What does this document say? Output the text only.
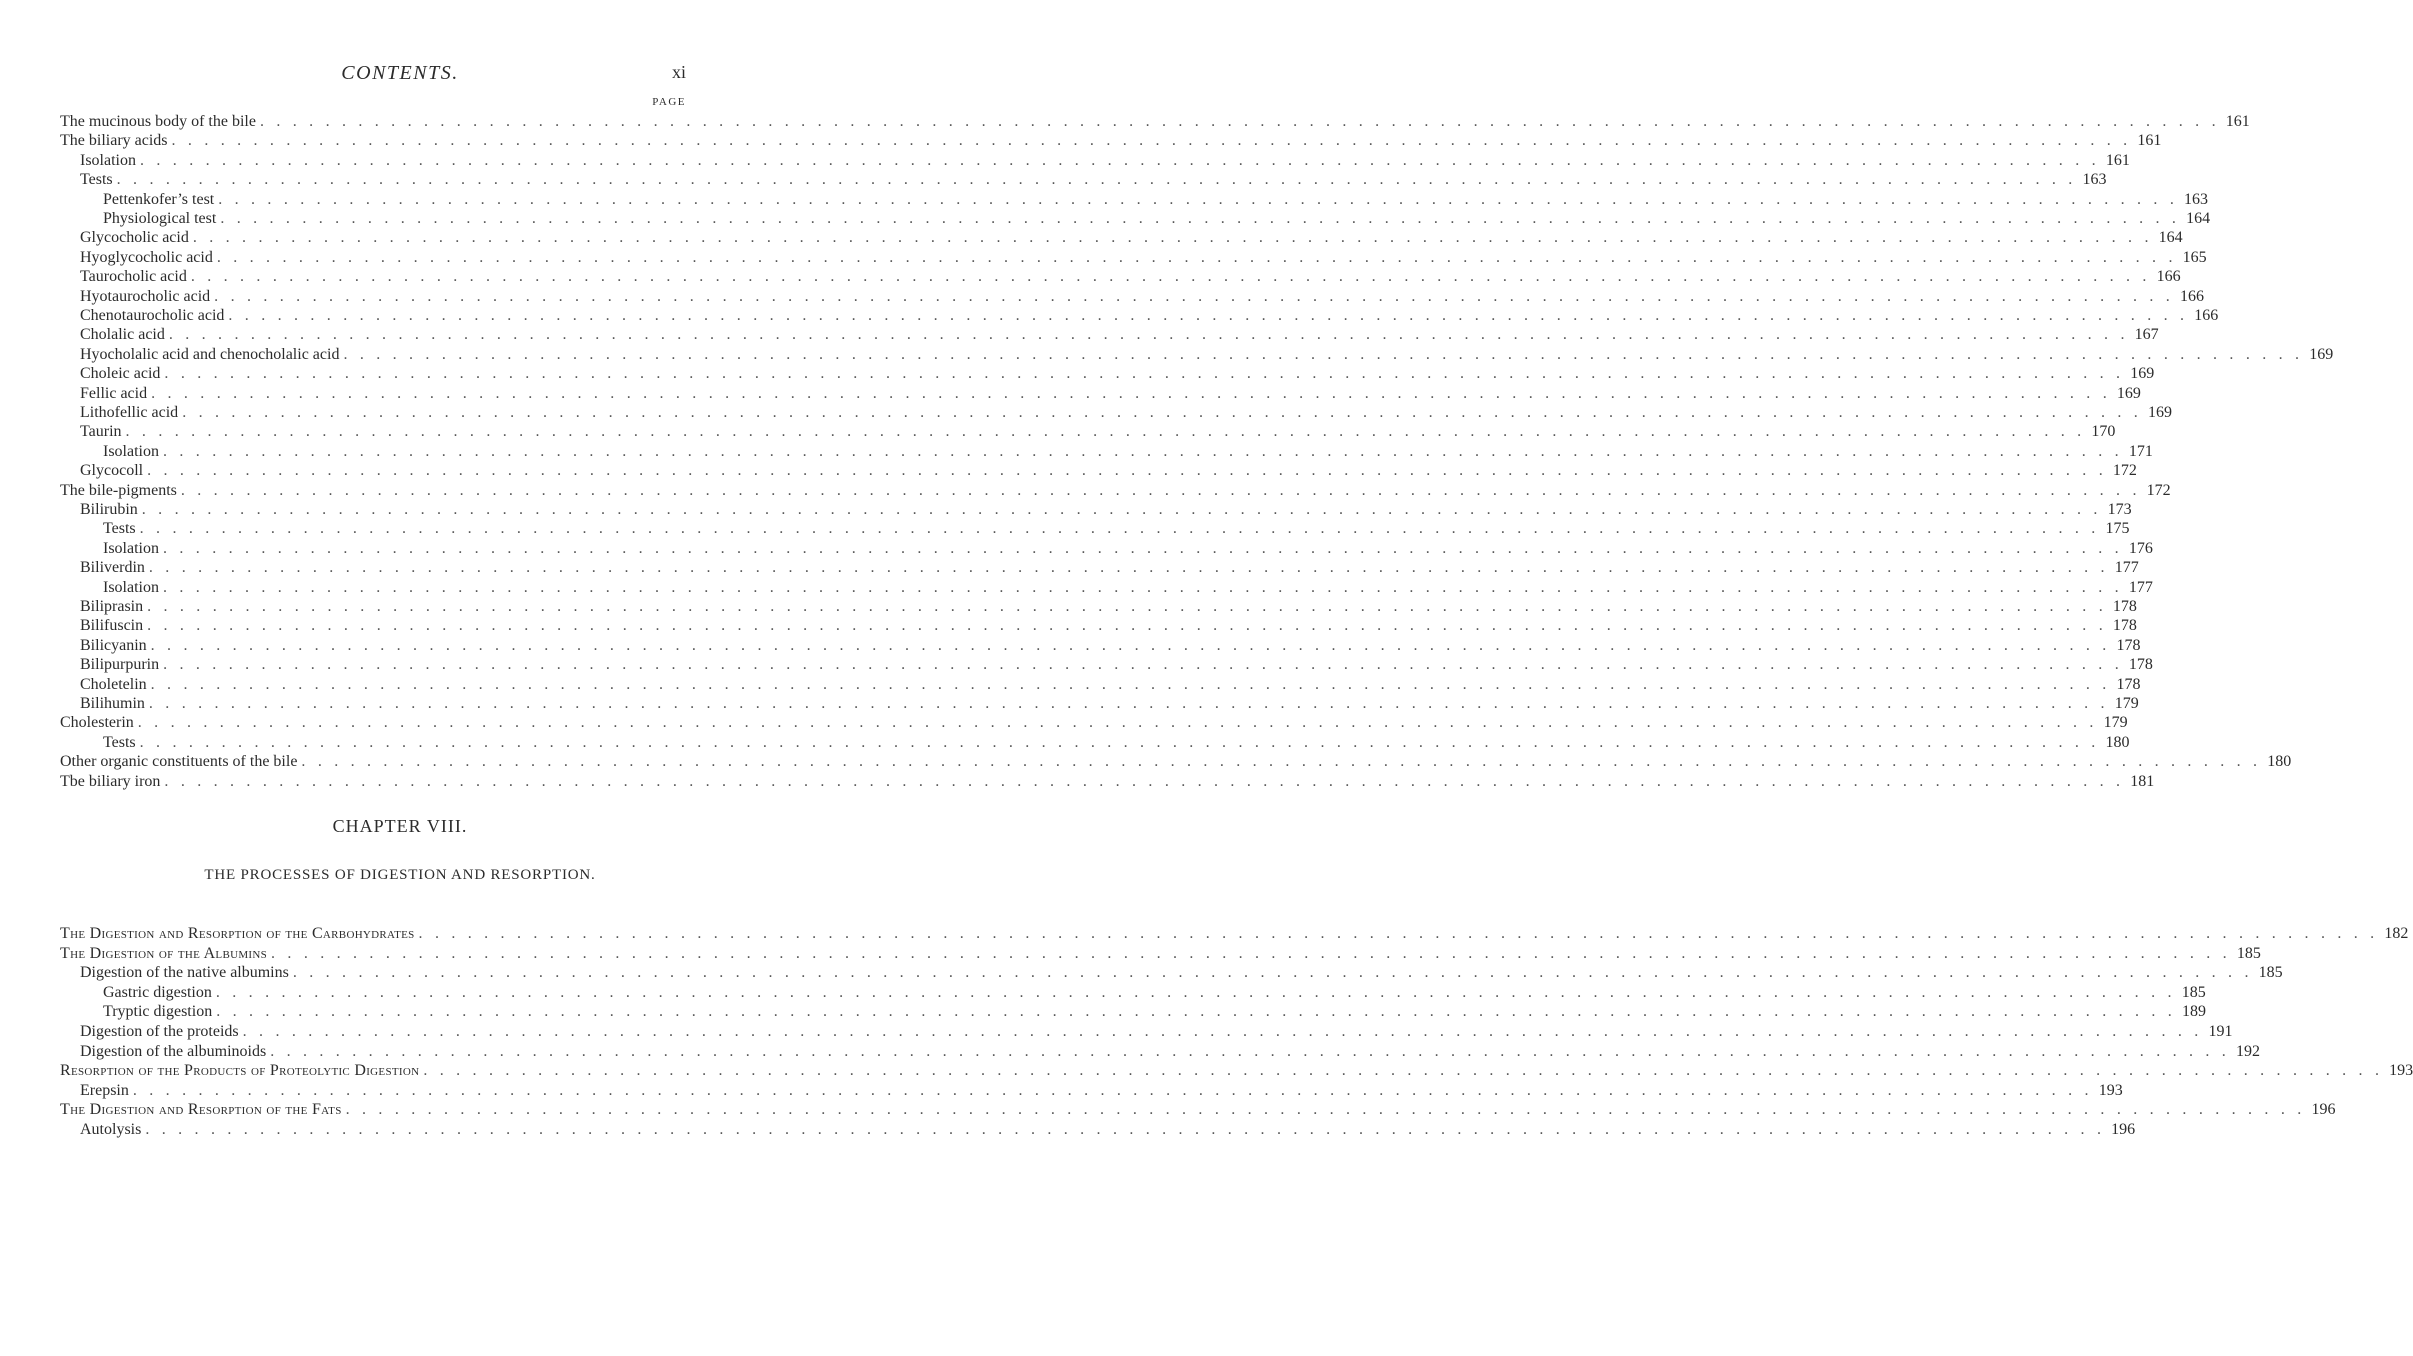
CONTENTS.	xi
PAGE
The mucinous body of the bile . . . . . . . . . . . . . . . . . . . . . . . . . . . . . . . . . . . . . . . . . . . . . . . . . . . . . . . . . . . . . . . . . . . . . . . . . . . . . . . . . . . . . . . . . . . . . . . . . . . . . . . . . . . . . . . . . . . . . . . . 161
The biliary acids . . . . . . . . . . . . . . . . . . . . . . . . . . . . . . . . . . . . . . . . . . . . . . . . . . . . . . . . . . . . . . . . . . . . . . . . . . . . . . . . . . . . . . . . . . . . . . . . . . . . . . . . . . . . . . . . . . . . . . . . 161
Isolation . . . . . . . . . . . . . . . . . . . . . . . . . . . . . . . . . . . . . . . . . . . . . . . . . . . . . . . . . . . . . . . . . . . . . . . . . . . . . . . . . . . . . . . . . . . . . . . . . . . . . . . . . . . . . . . . . . . . . . . . 161
Tests . . . . . . . . . . . . . . . . . . . . . . . . . . . . . . . . . . . . . . . . . . . . . . . . . . . . . . . . . . . . . . . . . . . . . . . . . . . . . . . . . . . . . . . . . . . . . . . . . . . . . . . . . . . . . . . . . . . . . . . . 163
Pettenkofer’s test . . . . . . . . . . . . . . . . . . . . . . . . . . . . . . . . . . . . . . . . . . . . . . . . . . . . . . . . . . . . . . . . . . . . . . . . . . . . . . . . . . . . . . . . . . . . . . . . . . . . . . . . . . . . . . . . . . . . . . . . 163
Physiological test . . . . . . . . . . . . . . . . . . . . . . . . . . . . . . . . . . . . . . . . . . . . . . . . . . . . . . . . . . . . . . . . . . . . . . . . . . . . . . . . . . . . . . . . . . . . . . . . . . . . . . . . . . . . . . . . . . . . . . . . 164
Glycocholic acid . . . . . . . . . . . . . . . . . . . . . . . . . . . . . . . . . . . . . . . . . . . . . . . . . . . . . . . . . . . . . . . . . . . . . . . . . . . . . . . . . . . . . . . . . . . . . . . . . . . . . . . . . . . . . . . . . . . . . . . . 164
Hyoglycocholic acid . . . . . . . . . . . . . . . . . . . . . . . . . . . . . . . . . . . . . . . . . . . . . . . . . . . . . . . . . . . . . . . . . . . . . . . . . . . . . . . . . . . . . . . . . . . . . . . . . . . . . . . . . . . . . . . . . . . . . . . . 165
Taurocholic acid . . . . . . . . . . . . . . . . . . . . . . . . . . . . . . . . . . . . . . . . . . . . . . . . . . . . . . . . . . . . . . . . . . . . . . . . . . . . . . . . . . . . . . . . . . . . . . . . . . . . . . . . . . . . . . . . . . . . . . . . 166
Hyotaurocholic acid . . . . . . . . . . . . . . . . . . . . . . . . . . . . . . . . . . . . . . . . . . . . . . . . . . . . . . . . . . . . . . . . . . . . . . . . . . . . . . . . . . . . . . . . . . . . . . . . . . . . . . . . . . . . . . . . . . . . . . . . 166
Chenotaurocholic acid . . . . . . . . . . . . . . . . . . . . . . . . . . . . . . . . . . . . . . . . . . . . . . . . . . . . . . . . . . . . . . . . . . . . . . . . . . . . . . . . . . . . . . . . . . . . . . . . . . . . . . . . . . . . . . . . . . . . . . . . 166
Cholalic acid . . . . . . . . . . . . . . . . . . . . . . . . . . . . . . . . . . . . . . . . . . . . . . . . . . . . . . . . . . . . . . . . . . . . . . . . . . . . . . . . . . . . . . . . . . . . . . . . . . . . . . . . . . . . . . . . . . . . . . . . 167
Hyocholalic acid and chenocholalic acid . . . . . . . . . . . . . . . . . . . . . . . . . . . . . . . . . . . . . . . . . . . . . . . . . . . . . . . . . . . . . . . . . . . . . . . . . . . . . . . . . . . . . . . . . . . . . . . . . . . . . . . . . . . . . . . . . . . . . . . . 169
Choleic acid . . . . . . . . . . . . . . . . . . . . . . . . . . . . . . . . . . . . . . . . . . . . . . . . . . . . . . . . . . . . . . . . . . . . . . . . . . . . . . . . . . . . . . . . . . . . . . . . . . . . . . . . . . . . . . . . . . . . . . . . 169
Fellic acid . . . . . . . . . . . . . . . . . . . . . . . . . . . . . . . . . . . . . . . . . . . . . . . . . . . . . . . . . . . . . . . . . . . . . . . . . . . . . . . . . . . . . . . . . . . . . . . . . . . . . . . . . . . . . . . . . . . . . . . . 169
Lithofellic acid . . . . . . . . . . . . . . . . . . . . . . . . . . . . . . . . . . . . . . . . . . . . . . . . . . . . . . . . . . . . . . . . . . . . . . . . . . . . . . . . . . . . . . . . . . . . . . . . . . . . . . . . . . . . . . . . . . . . . . . . 169
Taurin . . . . . . . . . . . . . . . . . . . . . . . . . . . . . . . . . . . . . . . . . . . . . . . . . . . . . . . . . . . . . . . . . . . . . . . . . . . . . . . . . . . . . . . . . . . . . . . . . . . . . . . . . . . . . . . . . . . . . . . . 170
Isolation . . . . . . . . . . . . . . . . . . . . . . . . . . . . . . . . . . . . . . . . . . . . . . . . . . . . . . . . . . . . . . . . . . . . . . . . . . . . . . . . . . . . . . . . . . . . . . . . . . . . . . . . . . . . . . . . . . . . . . . . 171
Glycocoll . . . . . . . . . . . . . . . . . . . . . . . . . . . . . . . . . . . . . . . . . . . . . . . . . . . . . . . . . . . . . . . . . . . . . . . . . . . . . . . . . . . . . . . . . . . . . . . . . . . . . . . . . . . . . . . . . . . . . . . . 172
The bile-pigments . . . . . . . . . . . . . . . . . . . . . . . . . . . . . . . . . . . . . . . . . . . . . . . . . . . . . . . . . . . . . . . . . . . . . . . . . . . . . . . . . . . . . . . . . . . . . . . . . . . . . . . . . . . . . . . . . . . . . . . . 172
Bilirubin . . . . . . . . . . . . . . . . . . . . . . . . . . . . . . . . . . . . . . . . . . . . . . . . . . . . . . . . . . . . . . . . . . . . . . . . . . . . . . . . . . . . . . . . . . . . . . . . . . . . . . . . . . . . . . . . . . . . . . . . 173
Tests . . . . . . . . . . . . . . . . . . . . . . . . . . . . . . . . . . . . . . . . . . . . . . . . . . . . . . . . . . . . . . . . . . . . . . . . . . . . . . . . . . . . . . . . . . . . . . . . . . . . . . . . . . . . . . . . . . . . . . . . 175
Isolation . . . . . . . . . . . . . . . . . . . . . . . . . . . . . . . . . . . . . . . . . . . . . . . . . . . . . . . . . . . . . . . . . . . . . . . . . . . . . . . . . . . . . . . . . . . . . . . . . . . . . . . . . . . . . . . . . . . . . . . . 176
Biliverdin . . . . . . . . . . . . . . . . . . . . . . . . . . . . . . . . . . . . . . . . . . . . . . . . . . . . . . . . . . . . . . . . . . . . . . . . . . . . . . . . . . . . . . . . . . . . . . . . . . . . . . . . . . . . . . . . . . . . . . . . 177
Isolation . . . . . . . . . . . . . . . . . . . . . . . . . . . . . . . . . . . . . . . . . . . . . . . . . . . . . . . . . . . . . . . . . . . . . . . . . . . . . . . . . . . . . . . . . . . . . . . . . . . . . . . . . . . . . . . . . . . . . . . . 177
Biliprasin . . . . . . . . . . . . . . . . . . . . . . . . . . . . . . . . . . . . . . . . . . . . . . . . . . . . . . . . . . . . . . . . . . . . . . . . . . . . . . . . . . . . . . . . . . . . . . . . . . . . . . . . . . . . . . . . . . . . . . . . 178
Bilifuscin . . . . . . . . . . . . . . . . . . . . . . . . . . . . . . . . . . . . . . . . . . . . . . . . . . . . . . . . . . . . . . . . . . . . . . . . . . . . . . . . . . . . . . . . . . . . . . . . . . . . . . . . . . . . . . . . . . . . . . . . 178
Bilicyanin . . . . . . . . . . . . . . . . . . . . . . . . . . . . . . . . . . . . . . . . . . . . . . . . . . . . . . . . . . . . . . . . . . . . . . . . . . . . . . . . . . . . . . . . . . . . . . . . . . . . . . . . . . . . . . . . . . . . . . . . 178
Bilipurpurin . . . . . . . . . . . . . . . . . . . . . . . . . . . . . . . . . . . . . . . . . . . . . . . . . . . . . . . . . . . . . . . . . . . . . . . . . . . . . . . . . . . . . . . . . . . . . . . . . . . . . . . . . . . . . . . . . . . . . . . . 178
Choletelin . . . . . . . . . . . . . . . . . . . . . . . . . . . . . . . . . . . . . . . . . . . . . . . . . . . . . . . . . . . . . . . . . . . . . . . . . . . . . . . . . . . . . . . . . . . . . . . . . . . . . . . . . . . . . . . . . . . . . . . . 178
Bilihumin . . . . . . . . . . . . . . . . . . . . . . . . . . . . . . . . . . . . . . . . . . . . . . . . . . . . . . . . . . . . . . . . . . . . . . . . . . . . . . . . . . . . . . . . . . . . . . . . . . . . . . . . . . . . . . . . . . . . . . . . 179
Cholesterin . . . . . . . . . . . . . . . . . . . . . . . . . . . . . . . . . . . . . . . . . . . . . . . . . . . . . . . . . . . . . . . . . . . . . . . . . . . . . . . . . . . . . . . . . . . . . . . . . . . . . . . . . . . . . . . . . . . . . . . . 179
Tests . . . . . . . . . . . . . . . . . . . . . . . . . . . . . . . . . . . . . . . . . . . . . . . . . . . . . . . . . . . . . . . . . . . . . . . . . . . . . . . . . . . . . . . . . . . . . . . . . . . . . . . . . . . . . . . . . . . . . . . . 180
Other organic constituents of the bile . . . . . . . . . . . . . . . . . . . . . . . . . . . . . . . . . . . . . . . . . . . . . . . . . . . . . . . . . . . . . . . . . . . . . . . . . . . . . . . . . . . . . . . . . . . . . . . . . . . . . . . . . . . . . . . . . . . . . . . . 180
Tbe biliary iron . . . . . . . . . . . . . . . . . . . . . . . . . . . . . . . . . . . . . . . . . . . . . . . . . . . . . . . . . . . . . . . . . . . . . . . . . . . . . . . . . . . . . . . . . . . . . . . . . . . . . . . . . . . . . . . . . . . . . . . . 181
CHAPTER VIII.
THE PROCESSES OF DIGESTION AND RESORPTION.
The Digestion and Resorption of the Carbohydrates . . . . . . . . . . . . . . . . . . . . . . . . . . . . . . . . . . . . . . . . . . . . . . . . . . . . . . . . . . . . . . . . . . . . . . . . . . . . . . . . . . . . . . . . . . . . . . . . . . . . . . . . . . . . . . . . . . . . . . . . 182
The Digestion of the Albumins . . . . . . . . . . . . . . . . . . . . . . . . . . . . . . . . . . . . . . . . . . . . . . . . . . . . . . . . . . . . . . . . . . . . . . . . . . . . . . . . . . . . . . . . . . . . . . . . . . . . . . . . . . . . . . . . . . . . . . . . 185
Digestion of the native albumins . . . . . . . . . . . . . . . . . . . . . . . . . . . . . . . . . . . . . . . . . . . . . . . . . . . . . . . . . . . . . . . . . . . . . . . . . . . . . . . . . . . . . . . . . . . . . . . . . . . . . . . . . . . . . . . . . . . . . . . . 185
Gastric digestion . . . . . . . . . . . . . . . . . . . . . . . . . . . . . . . . . . . . . . . . . . . . . . . . . . . . . . . . . . . . . . . . . . . . . . . . . . . . . . . . . . . . . . . . . . . . . . . . . . . . . . . . . . . . . . . . . . . . . . . . 185
Tryptic digestion . . . . . . . . . . . . . . . . . . . . . . . . . . . . . . . . . . . . . . . . . . . . . . . . . . . . . . . . . . . . . . . . . . . . . . . . . . . . . . . . . . . . . . . . . . . . . . . . . . . . . . . . . . . . . . . . . . . . . . . . 189
Digestion of the proteids . . . . . . . . . . . . . . . . . . . . . . . . . . . . . . . . . . . . . . . . . . . . . . . . . . . . . . . . . . . . . . . . . . . . . . . . . . . . . . . . . . . . . . . . . . . . . . . . . . . . . . . . . . . . . . . . . . . . . . . . 191
Digestion of the albuminoids . . . . . . . . . . . . . . . . . . . . . . . . . . . . . . . . . . . . . . . . . . . . . . . . . . . . . . . . . . . . . . . . . . . . . . . . . . . . . . . . . . . . . . . . . . . . . . . . . . . . . . . . . . . . . . . . . . . . . . . . 192
Resorption of the Products of Proteolytic Digestion . . . . . . . . . . . . . . . . . . . . . . . . . . . . . . . . . . . . . . . . . . . . . . . . . . . . . . . . . . . . . . . . . . . . . . . . . . . . . . . . . . . . . . . . . . . . . . . . . . . . . . . . . . . . . . . . . . . . . . . . 193
Erepsin . . . . . . . . . . . . . . . . . . . . . . . . . . . . . . . . . . . . . . . . . . . . . . . . . . . . . . . . . . . . . . . . . . . . . . . . . . . . . . . . . . . . . . . . . . . . . . . . . . . . . . . . . . . . . . . . . . . . . . . . 193
The Digestion and Resorption of the Fats . . . . . . . . . . . . . . . . . . . . . . . . . . . . . . . . . . . . . . . . . . . . . . . . . . . . . . . . . . . . . . . . . . . . . . . . . . . . . . . . . . . . . . . . . . . . . . . . . . . . . . . . . . . . . . . . . . . . . . . . 196
Autolysis . . . . . . . . . . . . . . . . . . . . . . . . . . . . . . . . . . . . . . . . . . . . . . . . . . . . . . . . . . . . . . . . . . . . . . . . . . . . . . . . . . . . . . . . . . . . . . . . . . . . . . . . . . . . . . . . . . . . . . . . 196
